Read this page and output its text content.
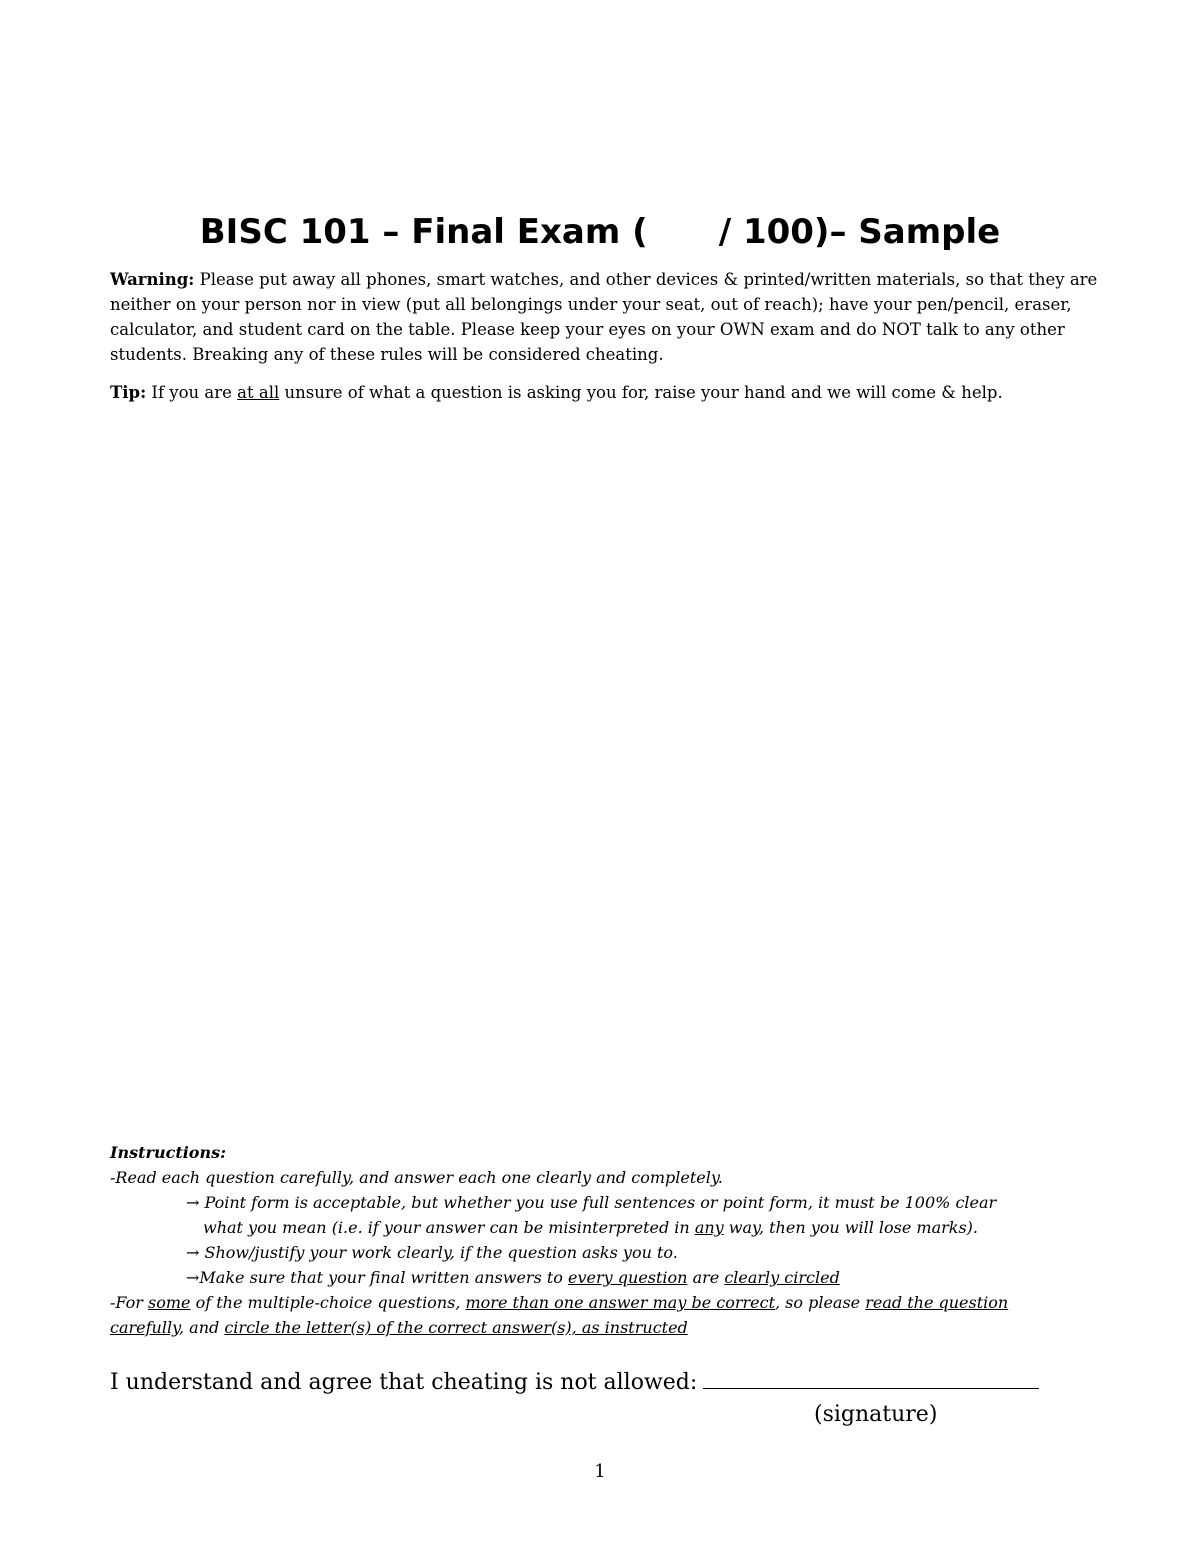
BISC 101 – Final Exam (      / 100)– Sample

Warning: Please put away all phones, smart watches, and other devices & printed/written materials, so that they are neither on your person nor in view (put all belongings under your seat, out of reach); have your pen/pencil, eraser, calculator, and student card on the table. Please keep your eyes on your OWN exam and do NOT talk to any other students. Breaking any of these rules will be considered cheating.

Tip: If you are at all unsure of what a question is asking you for, raise your hand and we will come & help.

Instructions:
-Read each question carefully, and answer each one clearly and completely.
→ Point form is acceptable, but whether you use full sentences or point form, it must be 100% clear
what you mean (i.e. if your answer can be misinterpreted in any way, then you will lose marks).
→ Show/justify your work clearly, if the question asks you to.
→Make sure that your final written answers to every question are clearly circled
-For some of the multiple-choice questions, more than one answer may be correct, so please read the question
carefully, and circle the letter(s) of the correct answer(s), as instructed
I understand and agree that cheating is not allowed:
(signature)
1
